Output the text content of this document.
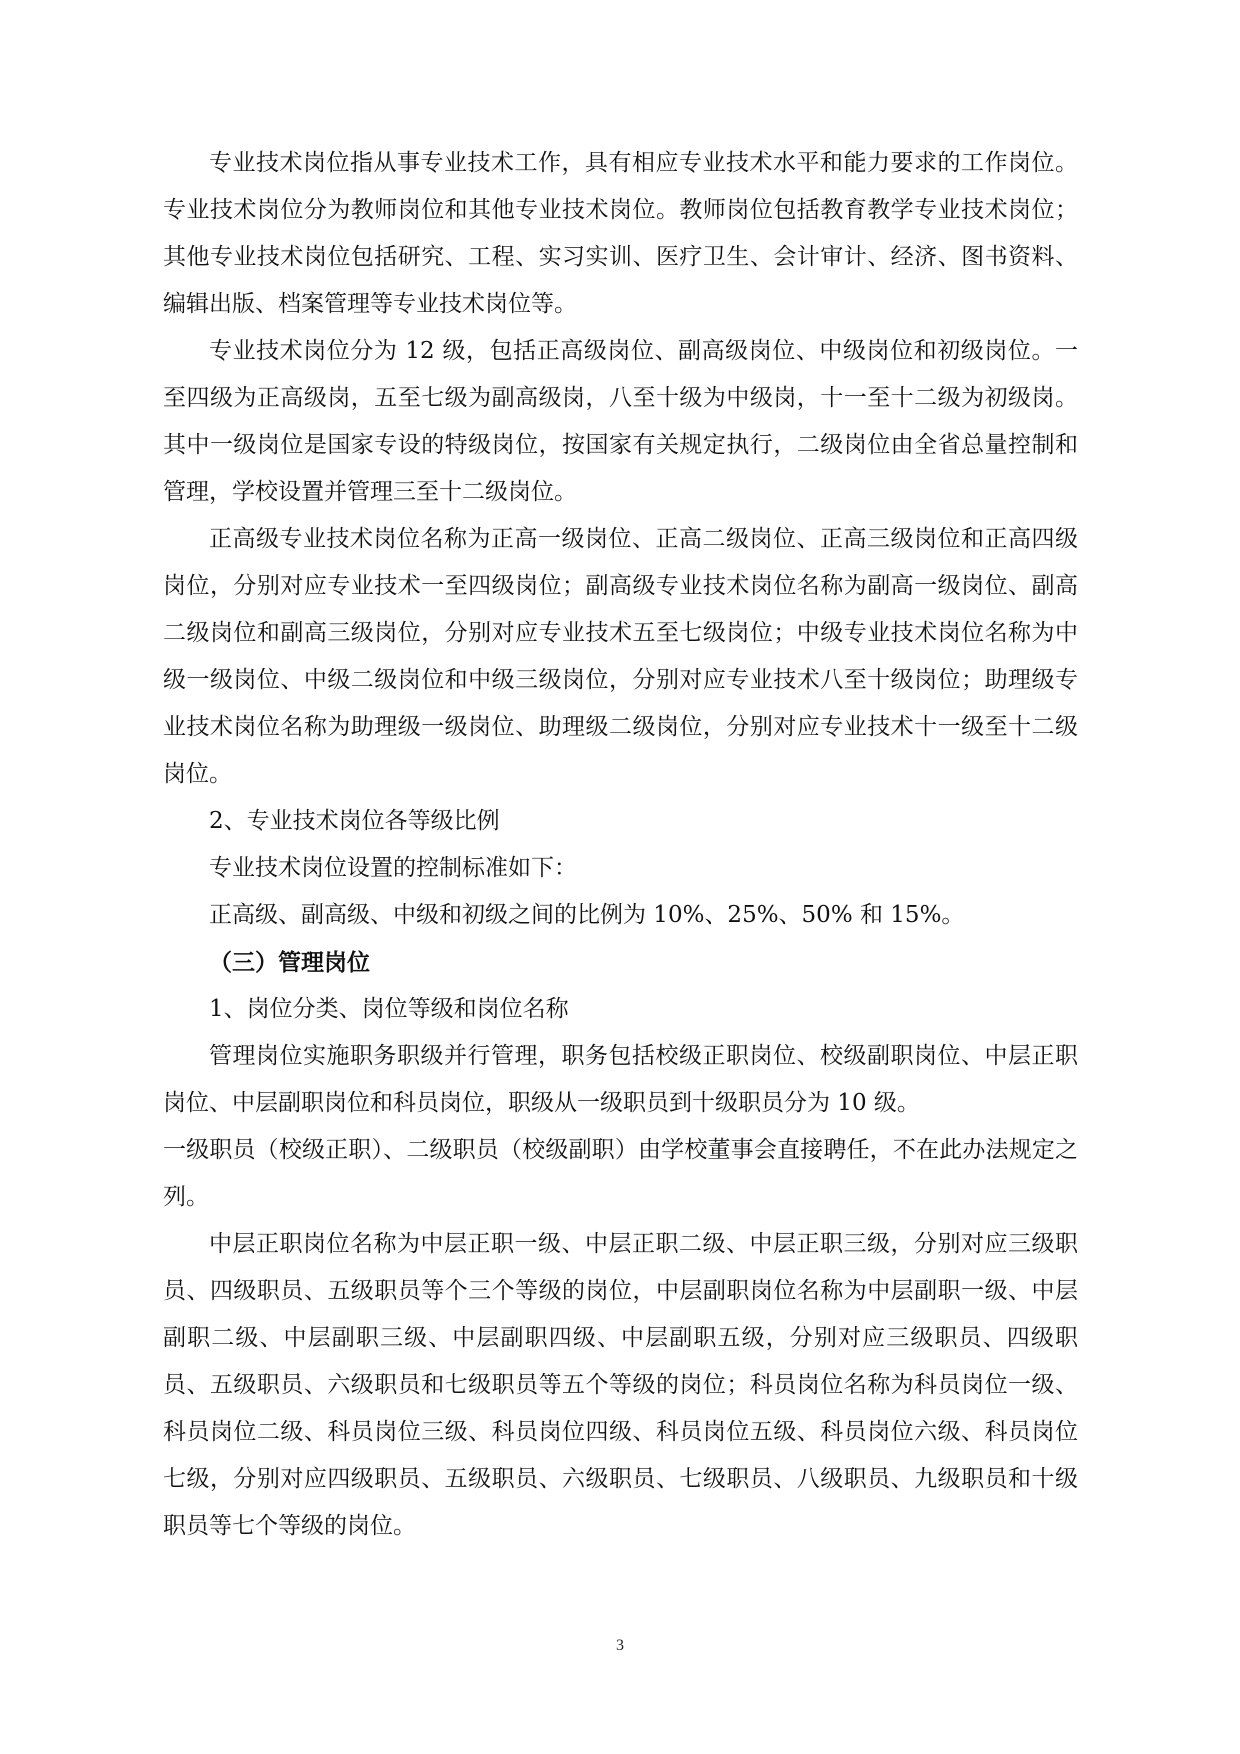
专业技术岗位指从事专业技术工作，具有相应专业技术水平和能力要求的工作岗位。专业技术岗位分为教师岗位和其他专业技术岗位。教师岗位包括教育教学专业技术岗位；其他专业技术岗位包括研究、工程、实习实训、医疗卫生、会计审计、经济、图书资料、编辑出版、档案管理等专业技术岗位等。

专业技术岗位分为 12 级，包括正高级岗位、副高级岗位、中级岗位和初级岗位。一至四级为正高级岗，五至七级为副高级岗，八至十级为中级岗，十一至十二级为初级岗。其中一级岗位是国家专设的特级岗位，按国家有关规定执行，二级岗位由全省总量控制和管理，学校设置并管理三至十二级岗位。

正高级专业技术岗位名称为正高一级岗位、正高二级岗位、正高三级岗位和正高四级岗位，分别对应专业技术一至四级岗位；副高级专业技术岗位名称为副高一级岗位、副高二级岗位和副高三级岗位，分别对应专业技术五至七级岗位；中级专业技术岗位名称为中级一级岗位、中级二级岗位和中级三级岗位，分别对应专业技术八至十级岗位；助理级专业技术岗位名称为助理级一级岗位、助理级二级岗位，分别对应专业技术十一级至十二级岗位。

2、专业技术岗位各等级比例

专业技术岗位设置的控制标准如下：

正高级、副高级、中级和初级之间的比例为 10%、25%、50% 和 15%。

（三）管理岗位

1、岗位分类、岗位等级和岗位名称

管理岗位实施职务职级并行管理，职务包括校级正职岗位、校级副职岗位、中层正职岗位、中层副职岗位和科员岗位，职级从一级职员到十级职员分为 10 级。

一级职员（校级正职）、二级职员（校级副职）由学校董事会直接聘任，不在此办法规定之列。

中层正职岗位名称为中层正职一级、中层正职二级、中层正职三级，分别对应三级职员、四级职员、五级职员等个三个等级的岗位，中层副职岗位名称为中层副职一级、中层副职二级、中层副职三级、中层副职四级、中层副职五级，分别对应三级职员、四级职员、五级职员、六级职员和七级职员等五个等级的岗位；科员岗位名称为科员岗位一级、科员岗位二级、科员岗位三级、科员岗位四级、科员岗位五级、科员岗位六级、科员岗位七级，分别对应四级职员、五级职员、六级职员、七级职员、八级职员、九级职员和十级职员等七个等级的岗位。

3
